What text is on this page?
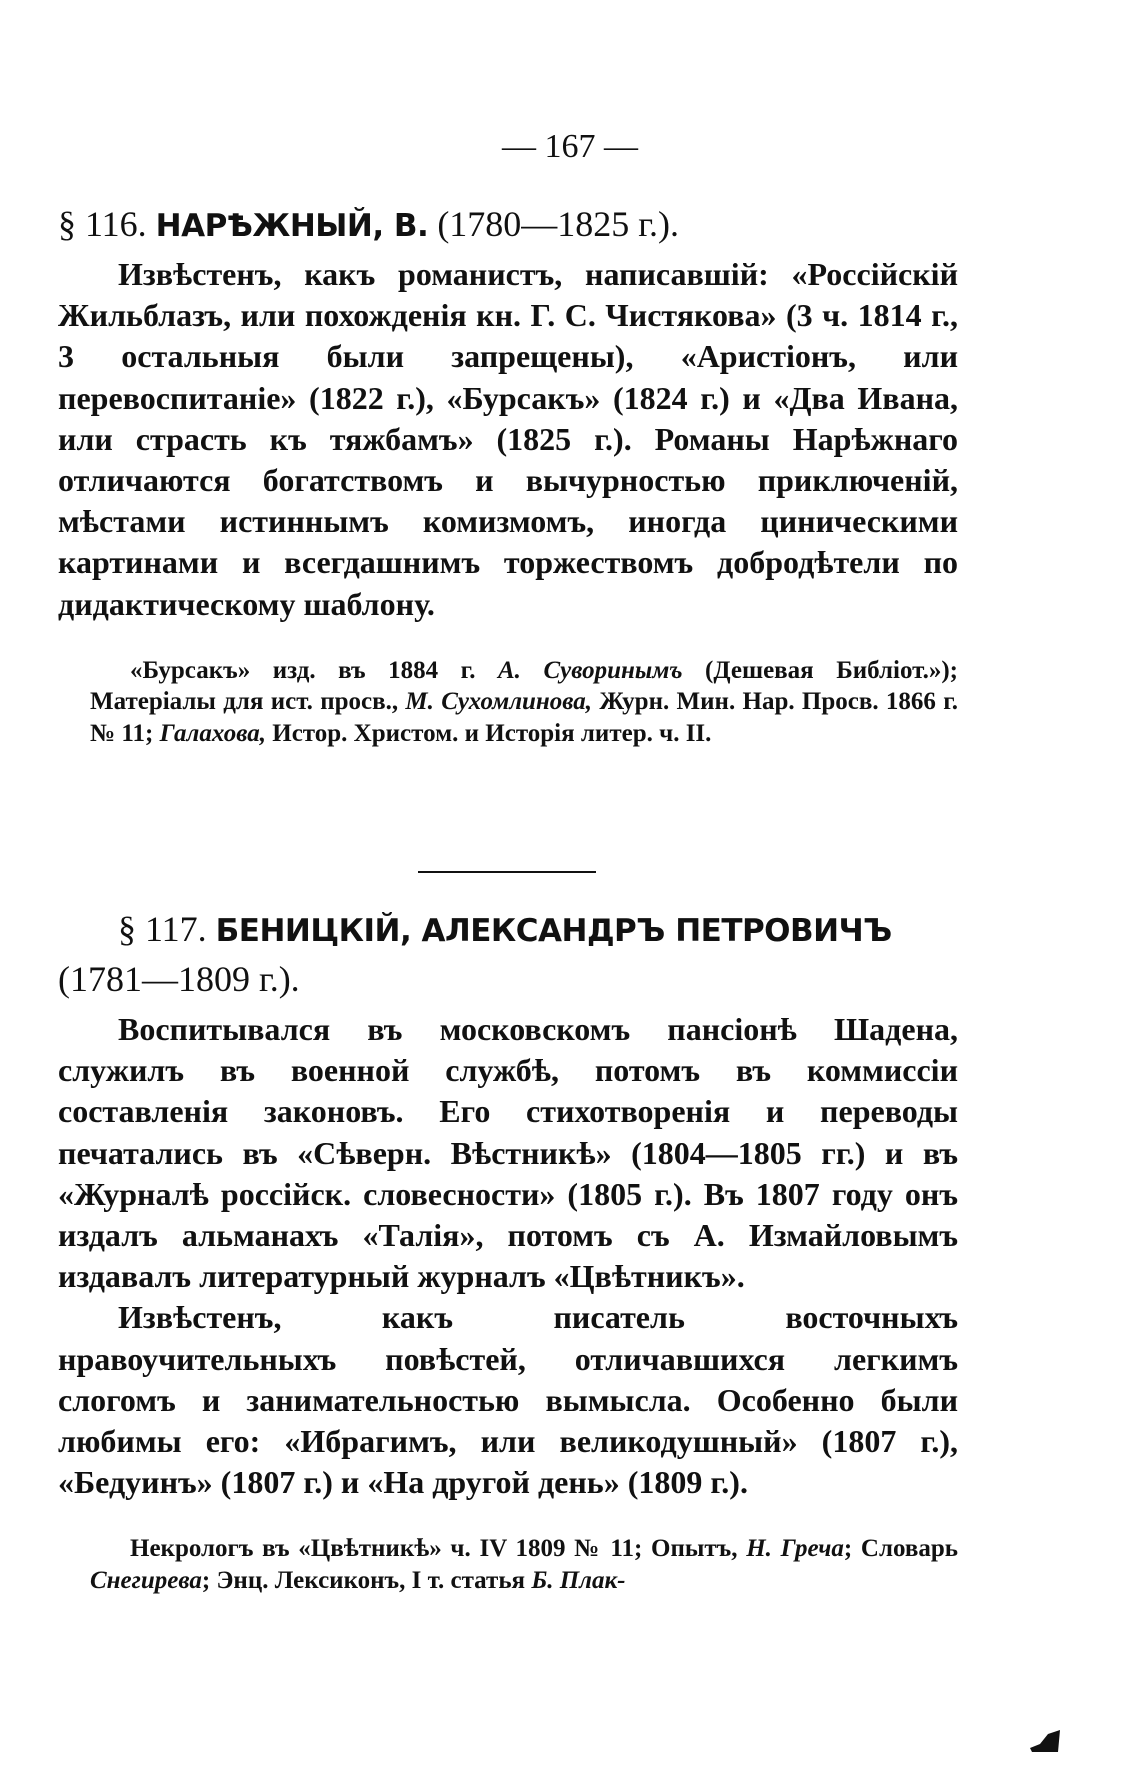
— 167 —
§ 116. НАРѢЖНЫЙ, В. (1780—1825 г.).

Извѣстенъ, какъ романистъ, написавшій: «Россійскій Жильблазъ, или похожденія кн. Г. С. Чистякова» (3 ч. 1814 г., 3 остальныя были запрещены), «Аристіонъ, или перевоспитаніе» (1822 г.), «Бурсакъ» (1824 г.) и «Два Ивана, или страсть къ тяжбамъ» (1825 г.). Романы Нарѣжнаго отличаются богатствомъ и вычурностью приключеній, мѣстами истиннымъ комизмомъ, иногда циническими картинами и всегдашнимъ торжествомъ добродѣтели по дидактическому шаблону.

«Бурсакъ» изд. въ 1884 г. А. Суворинымъ (Дешевая Библіот.»); Матеріалы для ист. просв., М. Сухомлинова, Журн. Мин. Нар. Просв. 1866 г. № 11; Галахова, Истор. Христом. и Исторія литер. ч. II.

§ 117. БЕНИЦКІЙ, АЛЕКСАНДРЪ ПЕТРОВИЧЪ (1781—1809 г.).

Воспитывался въ московскомъ пансіонѣ Шадена, служилъ въ военной службѣ, потомъ въ коммиссіи составленія законовъ. Его стихотворенія и переводы печатались въ «Сѣверн. Вѣстникѣ» (1804—1805 гг.) и въ «Журналѣ россійск. словесности» (1805 г.). Въ 1807 году онъ издалъ альманахъ «Талія», потомъ съ А. Измайловымъ издавалъ литературный журналъ «Цвѣтникъ».

Извѣстенъ, какъ писатель восточныхъ нравоучительныхъ повѣстей, отличавшихся легкимъ слогомъ и занимательностью вымысла. Особенно были любимы его: «Ибрагимъ, или великодушный» (1807 г.), «Бедуинъ» (1807 г.) и «На другой день» (1809 г.).

Некрологъ въ «Цвѣтникѣ» ч. IV 1809 № 11; Опытъ, Н. Греча; Словарь Снегирева; Энц. Лексиконъ, I т. статья Б. Плак-
